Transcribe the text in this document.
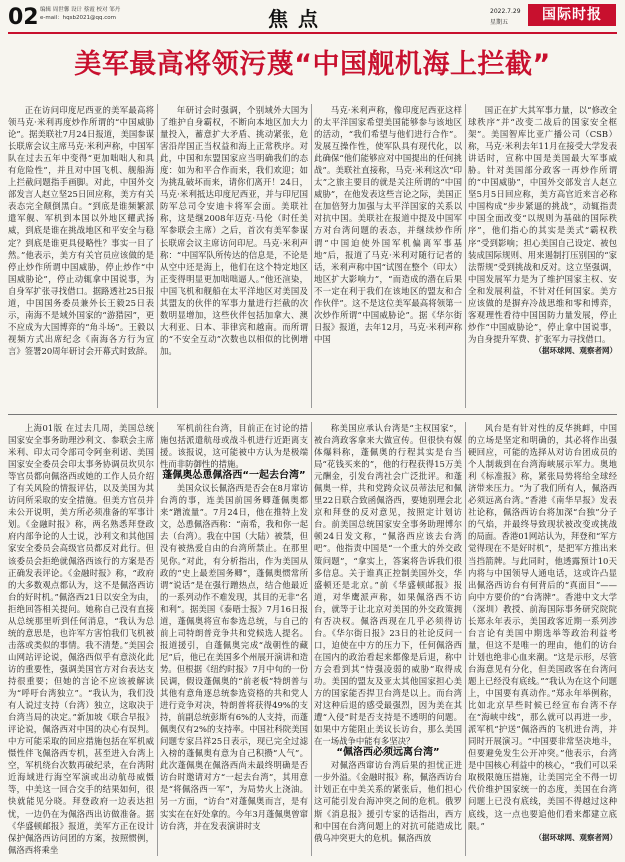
02 编辑 周世馨 设计 蔡霞 校对 邹丹
e-mail：hqsb2021@qq.com	焦点	2022.7.29
星期五	国际时报
美军最高将领污蔑“中国舰机海上拦截”

正在访问印度尼西亚的美军最高将领马克·米利再度炒作所谓的“中国威胁论”。据美联社7月24日报道，美国参谋长联席会议主席马克·米利声称，中国军队在过去五年中变得“更加咄咄人和具有危险性”，并且对中国飞机、舰船海上拦截问题指手画脚。对此，中国外交部发言人赵立坚25日回应称，美方有关表态完全颠倒黑白。“到底是谁频繁派遣军舰、军机到本国以外地区耀武扬威，到底是谁在挑战地区和平安全与稳定？到底是谁更具侵略性？事实一目了然。”他表示，美方有关官员应该做的是停止炒作所谓中国威胁，停止炒作“中国威胁论”，停止动辄拿中国说事，为自身军扩张寻找借口。据路透社25日报道，中国国务委员兼外长王毅25日表示，南海不是域外国家的“游猎园”，更不应成为大国博弈的“角斗场”。王毅以视频方式出席纪念《南海各方行为宣言》签署20周年研讨会开幕式时致辞。

年研讨会时强调，个别域外大国为了维护自身霸权，不断向本地区加大力量投入，蓄意扩大矛盾、挑动紧张，危害沿岸国正当权益和海上正常秩序。对此，中国和东盟国家应当明确我们的态度：如为和平合作而来，我们欢迎；如为挑乱破坏而来，请你们离开！24日，马克·米利抵达印度尼西亚，并与印尼国防军总司令安迪卡将军会面。美联社称，这是继2008年迈克·马伦（时任美军参联会主席）之后，首次有美军参谋长联席会议主席访问印尼。马克·米利声称：“中国军队所传达的信息是，不论是从空中还是海上，他们在这个特定地区正变得明显更加咄咄逼人。”他还渲染，中国飞机和舰船在太平洋地区对美国及其盟友的伙伴的军事力量进行拦截的次数明显增加，这些伙伴包括加拿大、澳大利亚、日本、菲律宾和越南。而所谓的“不安全互动”次数也以相似的比例增加。

马克·米利声称，像印度尼西亚这样的太平洋国家希望美国能够参与该地区的活动，“我们希望与他们进行合作”。发展互操作性，使军队具有现代化，以此确保“他们能够应对中国提出的任何挑战”。美联社直接称，马克·米利这次“印太”之旅主要目的就是关注所谓的“中国威胁”，在他发表这些言论之际，美国正在加倍努力加强与太平洋国家的关系以对抗中国。美联社在报道中提及中国军方对台湾问题的表态，并继续炒作所谓“中国迫使外国军机偏离军事基地”后，报道了马克·米利对随行记者的话，米利声称中国“试图在整个（印太）地区扩大影响力”，“而造成的潜在后果不一定在利于我们在该地区的盟友和合作伙伴”。这不是这位美军最高将领第一次炒作所谓“中国威胁论”。据《华尔街日报》报道，去年12月，马克·米利声称中国

国正在扩大其军事力量，以“修改全球秩序”并“改变二战后的国家安全框架”。美国智库比亚广播公司（CSB）称，马克·米利去年11月在接受大学发表讲话时，宣称中国是美国最大军事威胁。针对美国部分政客一再炒作所谓的“中国威胁”，中国外交部发言人赵立坚5月5日回应称，美方高官近来言必称中国构成“步步紧逼的挑战”，动辄指责中国全面改变“以规则为基础的国际秩序”，他们指心的其实是美式“霸权秩序”受到影响；担心美国自己设定、被包装成国际规则、用来遏制打压别国的“家法帮规”受到挑战和反对。这立坚强调，中国发展军力是为了维护国家主权、安全和发展利益，不针对任何国家。美方应该做的是摒弃冷战思维和零和博弈，客观理性看待中国国防力量发展，停止炒作“中国威胁论”，停止拿中国说事，为自身提升军费、扩张军力寻找借口。

（据环球网、观察者网）

上海01版 在过去几周，美国总统国家安全事务助理沙利文、参联会主席米利、印太司令部司令阿奎利诺、美国国家安全委员会印太事务协调员坎贝尔等官员都向佩洛西或她的工作人员介绍了有关风险的情报评估，以及美国为其访问所采取的安全措施。但美方官员并未公开说明，美方所必须准备的军事计划。《金融时报》称，两名熟悉拜登政府内部争论的人士说，沙利文和其他国家安全委员会高级官员都反对此行。但该委员会拒绝就佩洛西该行的方案是否正确发表评论。《金融时报》称，“政府的大多数观点都认为，这不是佩洛西访台的好时机。”佩洛西21日以安全为由，拒绝回答相关提问。她称自己没有直接从总统那里听到任何消息，“我认为总统的意思是，也许军方害怕我们飞机被击落或类似的事情。我不清楚。”美国会山网站评论说，佩洛西似乎有意淡化此访的重要性，强调美国官方对台表达支持很重要；但她的言论不应该被解读为“呼吁台湾独立”。“我认为，我们没有人说过支持（台湾）独立，这取决于台湾当局的决定。”新加坡《联合早报》评论说，佩洛西对中国的决心有误判。中方可能采取的回应措施包括在军机威慑性伴飞佩洛西专机，甚至进入台湾上空，军机绕台次数再破纪录，在台湾附近海域进行海空军演或出动航母威慑等，中美这一回合交手的结果如何，很快就能见分晓。拜登政府一边表达担忧，一边仍在为佩洛西出访做准备。据《华盛顿邮报》报道，美军方正在设计保护佩洛西访问团的方案，按照惯例，佩洛西将乘坐

军机前往台湾，目前正在讨论的措施包括派遣航母或战斗机进行近距离支援。该报说，这可能被中方认为是极端性而非防御性的措施。

蓬佩奥怂恿佩洛西“一起去台湾”

美国众议长佩洛西是否会在8月窜访台湾的事，连美国前国务卿蓬佩奥都来“蹭流量”。7月24日，他在推特上发文，怂恿佩洛西称：“南希，我和你一起去（台湾）。我在中国（大陆）被禁，但没有被热爱自由的台湾所禁止。在那里见你。”对此，有分析指出，作为美国从政的“史上最差国务卿”，蓬佩奥惯常所谓“说话”是在强行蹭热点，结合他最近的一系列动作不难发现，其目的无非“名和利”。据美国《泰晤士报》7月16日报道，蓬佩奥将宣布参选总统，与自己的前上司特朗普竞争共和党候选人提名。报道援引，自蓬佩奥完成“战朝性的藏尼”后，他已在美国多个州展开演讲和造势。但根据《纽约时报》7月中旬的一份民调，假设蓬佩奥的“前老板”特朗普与其他有意角逐总统参选资格的共和党人进行竞争对决，特朗普将获得49%的支持，前副总统彭斯有6%的人支持，而蓬佩奥仅有2%的支持率。中国社科院美国问题专家吕祥25日表示，现已完全过滤入榜的蓬佩奥有意为自己积攒“人气”。此次蓬佩奥在佩洛西尚未最终明确是否访台时邀请对方“一起去台湾”，其用意是“将佩洛西一军”，为局势火上浇油。另一方面，“访台”对蓬佩奥而言，是有实实在在好处拿的。今年3月蓬佩奥曾窜访台湾，并在发表演讲时支

称美国应承认台湾是“主权国家”，被台湾政客拿来大做宣传。但很快有媒体爆料称，蓬佩奥的行程其实是台当局“花钱买来的”，他的行程获得15万美元酬金，引发台湾社会广泛批评。和蓬佩奥一样，共和党跨众议员蒂法尼和佩里22日联合致函佩洛西，要她别理会北京和拜登的反对意见，按照定计划访台。前美国总统国家安全事务助理博尔顿24日发文称，“佩洛西应该去台湾吧”。他指责中国是“一个重大的外交政策问题”，“拿实上，答案将告诉我们很多信息。关于谁真正控制美国外交，华盛顿还是北京。”前《华盛顿邮报》报道，对华鹰派声称，如果佩洛西不访台，就等于让北京对美国的外交政策拥有否决权。佩洛西现在几乎必须得访台。《华尔街日报》23日的社论反问一口，迫使在中方的压力下，任何佩洛西在国内的政治看起来都像是后退，称中方会看到其“恃强凌弱的威胁”取得成功。美国的盟友及亚太其他国家担心美方的国家能否捍卫台湾是以上。而台湾对这种后退的感受最强烈，因为美在其遭“入侵”时是否支持是不透明的问题。如果中方能阻止美议长访台，那么美国在一场战争中能有多坚决？

“佩洛西必须远离台湾”

对佩洛西窜访台湾后果的担忧正进一步外溢。《金融时报》称，佩洛西访台计划正在中美关系的紧张后，他们担心这可能引发台海冲突之间的危机。俄罗斯《消息报》援引专家的话指出，西方和中国在台湾问题上的对抗可能造成比俄乌冲突更大的危机。佩洛西放

风台是有针对性的反华挑衅，中国的立场是坚定和明确的，其必将作出强硬回应，可能的选择从对访台团成员的个人制裁到在台湾海峡展示军力。奥地利《标准报》称，紧张局势将给全球经济带来压力。“为了我们所有人，佩洛西必须远离台湾。”香港《南华早报》发表社论称，佩洛西访台将加深“台独”分子的气焰，并最终导致现状被改变或挑战的局面。香港01网站认为，拜登和“军方觉得现在不是好时机”，是把军方推出来当挡箭牌。与此同时，他透露预计10天内将与中国领导人通电话，这或许凸显出佩洛西访台有何背后的“真面目”——向中方要价的“台湾牌”。香港中文大学（深圳）教授、前海国际事务研究院院长郑永年表示，美国政客近期一系列涉台言论有美国中期选举等政治利益考量，但这不是唯一的理由，他们的访台计划也绝非心血来潮。“这是示形，尽管台海意见有分化，但美国政客在台湾问题上已经没有底线。”“我认为在这个问题上，中国要有真动作。”郑永年举例称，比如北京早些时候已经宣布台湾不存在“海峡中线”，那么就可以再进一步，派军机“护送”佩洛西的飞机进台湾，并同时开展演习。“中国要非常坚决地斗，但要避免发生公开冲突。”他表示，台湾是中国核心利益中的核心，“我们可以采取极限施压措施，让美国完全不得一切代价维护国家统一的态度，美国在台湾问题上已没有底线，美国不得越过这种底线，这一点也要追他们看来都建立底限。”

（据环球网、观察者网）
